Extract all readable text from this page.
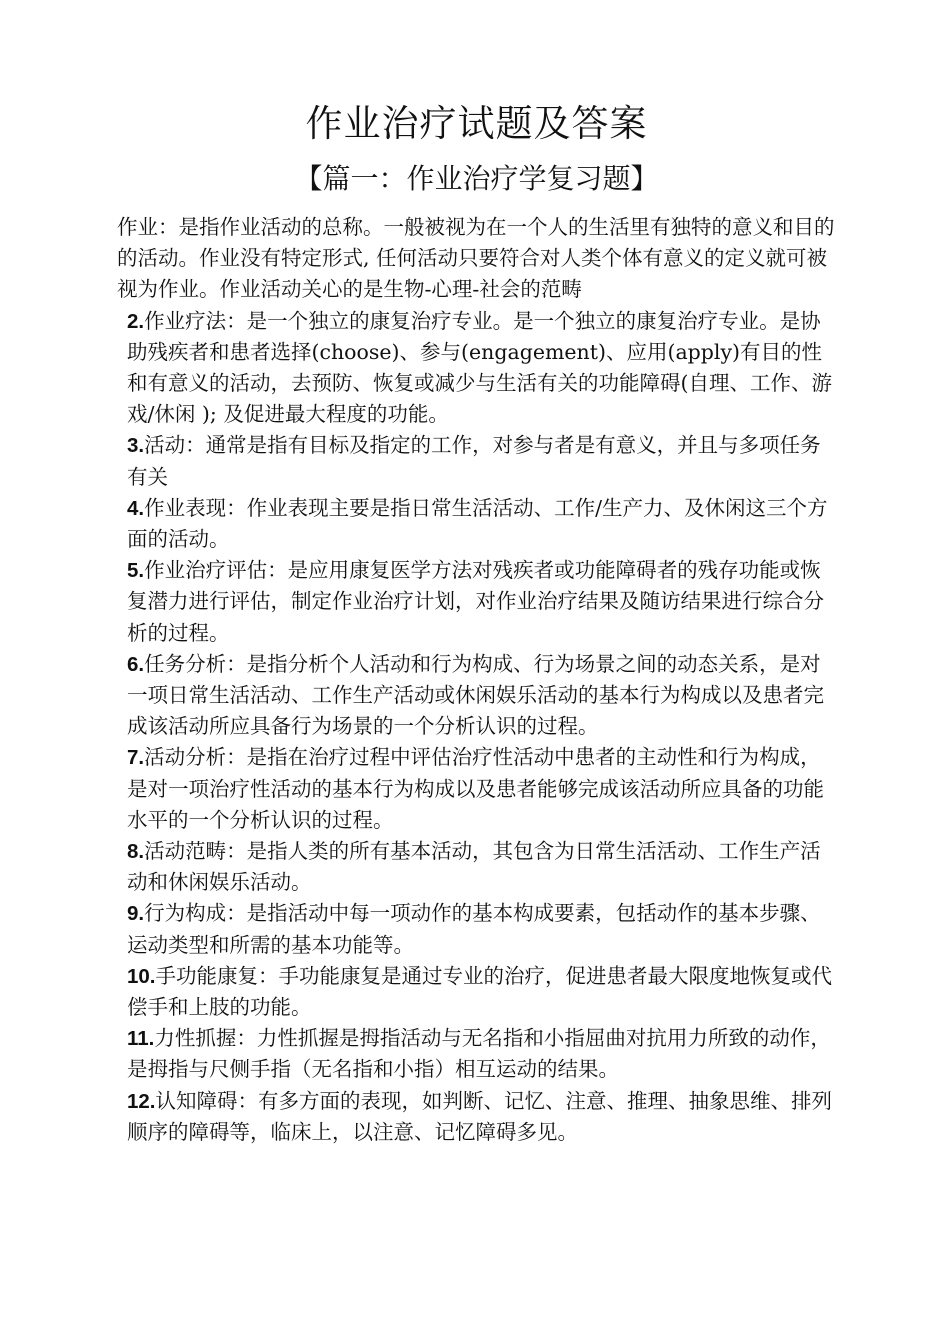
作业治疗试题及答案
【篇一：作业治疗学复习题】

作业：是指作业活动的总称。一般被视为在一个人的生活里有独特的意义和目的的活动。作业没有特定形式, 任何活动只要符合对人类个体有意义的定义就可被视为作业。作业活动关心的是生物-心理-社会的范畴

2.作业疗法：是一个独立的康复治疗专业。是一个独立的康复治疗专业。是协助残疾者和患者选择(choose)、参与(engagement)、应用(apply)有目的性和有意义的活动，去预防、恢复或减少与生活有关的功能障碍(自理、工作、游戏/休闲 ); 及促进最大程度的功能。

3.活动：通常是指有目标及指定的工作，对参与者是有意义，并且与多项任务有关

4.作业表现：作业表现主要是指日常生活活动、工作/生产力、及休闲这三个方面的活动。

5.作业治疗评估：是应用康复医学方法对残疾者或功能障碍者的残存功能或恢复潜力进行评估，制定作业治疗计划，对作业治疗结果及随访结果进行综合分析的过程。

6.任务分析：是指分析个人活动和行为构成、行为场景之间的动态关系，是对一项日常生活活动、工作生产活动或休闲娱乐活动的基本行为构成以及患者完成该活动所应具备行为场景的一个分析认识的过程。

7.活动分析：是指在治疗过程中评估治疗性活动中患者的主动性和行为构成，是对一项治疗性活动的基本行为构成以及患者能够完成该活动所应具备的功能水平的一个分析认识的过程。

8.活动范畴：是指人类的所有基本活动，其包含为日常生活活动、工作生产活动和休闲娱乐活动。

9.行为构成：是指活动中每一项动作的基本构成要素，包括动作的基本步骤、运动类型和所需的基本功能等。

10.手功能康复：手功能康复是通过专业的治疗，促进患者最大限度地恢复或代偿手和上肢的功能。

11.力性抓握：力性抓握是拇指活动与无名指和小指屈曲对抗用力所致的动作，是拇指与尺侧手指（无名指和小指）相互运动的结果。

12.认知障碍：有多方面的表现，如判断、记忆、注意、推理、抽象思维、排列顺序的障碍等，临床上，以注意、记忆障碍多见。
